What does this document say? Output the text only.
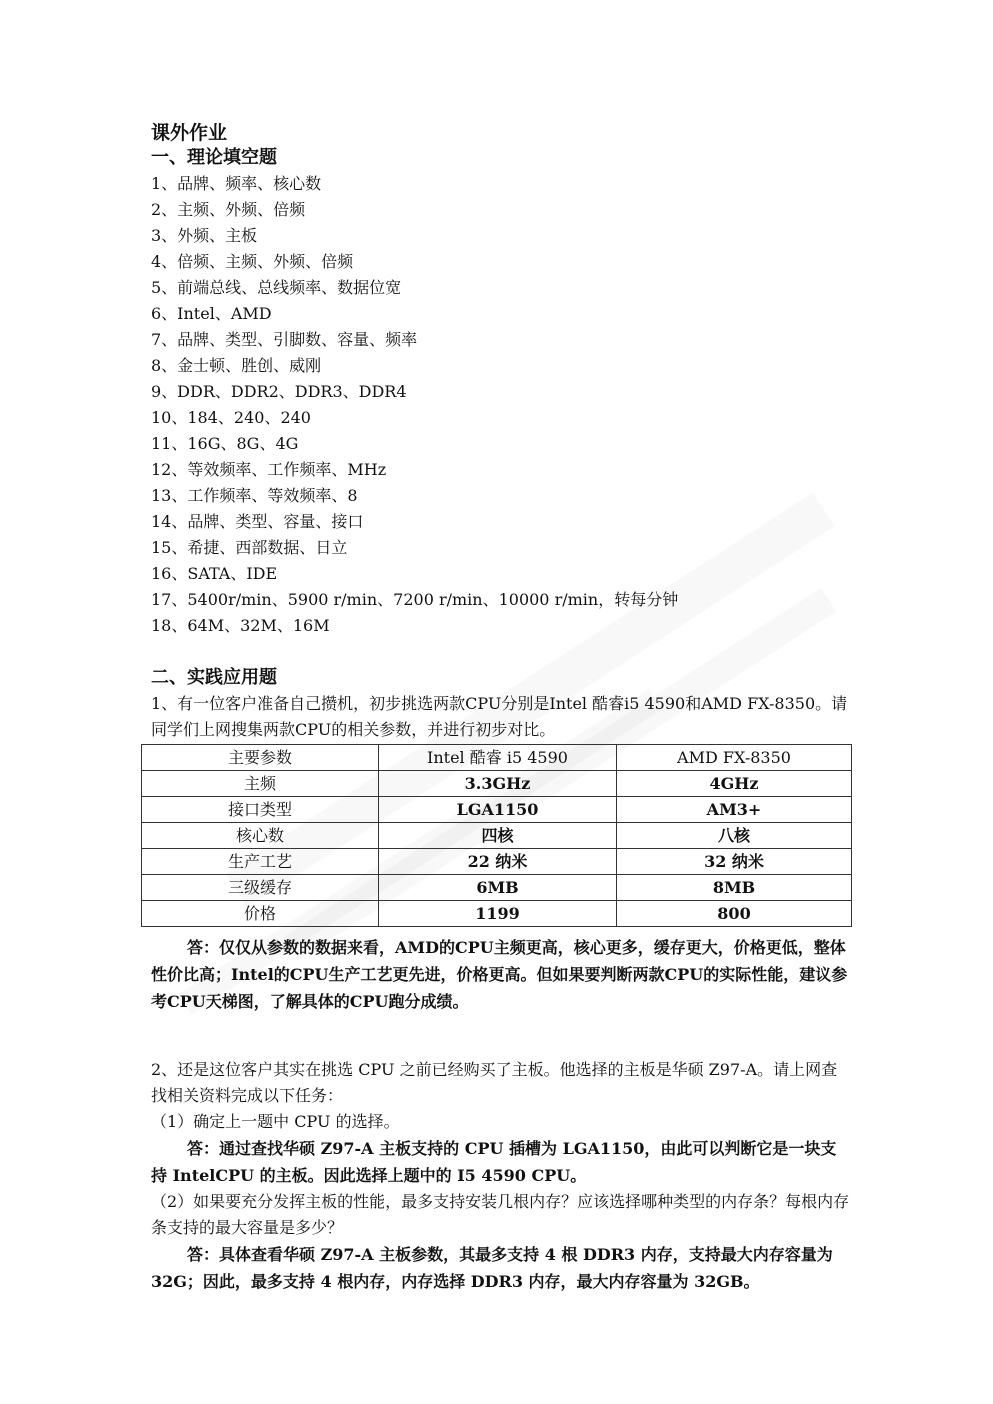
课外作业
一、理论填空题
1、品牌、频率、核心数
2、主频、外频、倍频
3、外频、主板
4、倍频、主频、外频、倍频
5、前端总线、总线频率、数据位宽
6、Intel、AMD
7、品牌、类型、引脚数、容量、频率
8、金士顿、胜创、威刚
9、DDR、DDR2、DDR3、DDR4
10、184、240、240
11、16G、8G、4G
12、等效频率、工作频率、MHz
13、工作频率、等效频率、8
14、品牌、类型、容量、接口
15、希捷、西部数据、日立
16、SATA、IDE
17、5400r/min、5900 r/min、7200 r/min、10000 r/min，转每分钟
18、64M、32M、16M
二、实践应用题
1、有一位客户准备自己攒机，初步挑选两款CPU分别是Intel 酷睿i5 4590和AMD FX-8350。请同学们上网搜集两款CPU的相关参数，并进行初步对比。
主要参数	Intel 酷睿 i5 4590	AMD FX-8350
主频	3.3GHz	4GHz
接口类型	LGA1150	AM3+
核心数	四核	八核
生产工艺	22 纳米	32 纳米
三级缓存	6MB	8MB
价格	1199	800
答：仅仅从参数的数据来看，AMD的CPU主频更高，核心更多，缓存更大，价格更低，整体性价比高；Intel的CPU生产工艺更先进，价格更高。但如果要判断两款CPU的实际性能，建议参考CPU天梯图，了解具体的CPU跑分成绩。
2、还是这位客户其实在挑选 CPU 之前已经购买了主板。他选择的主板是华硕 Z97-A。请上网查找相关资料完成以下任务：
（1）确定上一题中 CPU 的选择。
答：通过查找华硕 Z97-A 主板支持的 CPU 插槽为 LGA1150，由此可以判断它是一块支持 IntelCPU 的主板。因此选择上题中的 I5 4590 CPU。
（2）如果要充分发挥主板的性能，最多支持安装几根内存？应该选择哪种类型的内存条？每根内存条支持的最大容量是多少？
答：具体查看华硕 Z97-A 主板参数，其最多支持 4 根 DDR3 内存，支持最大内存容量为 32G；因此，最多支持 4 根内存，内存选择 DDR3 内存，最大内存容量为 32GB。
